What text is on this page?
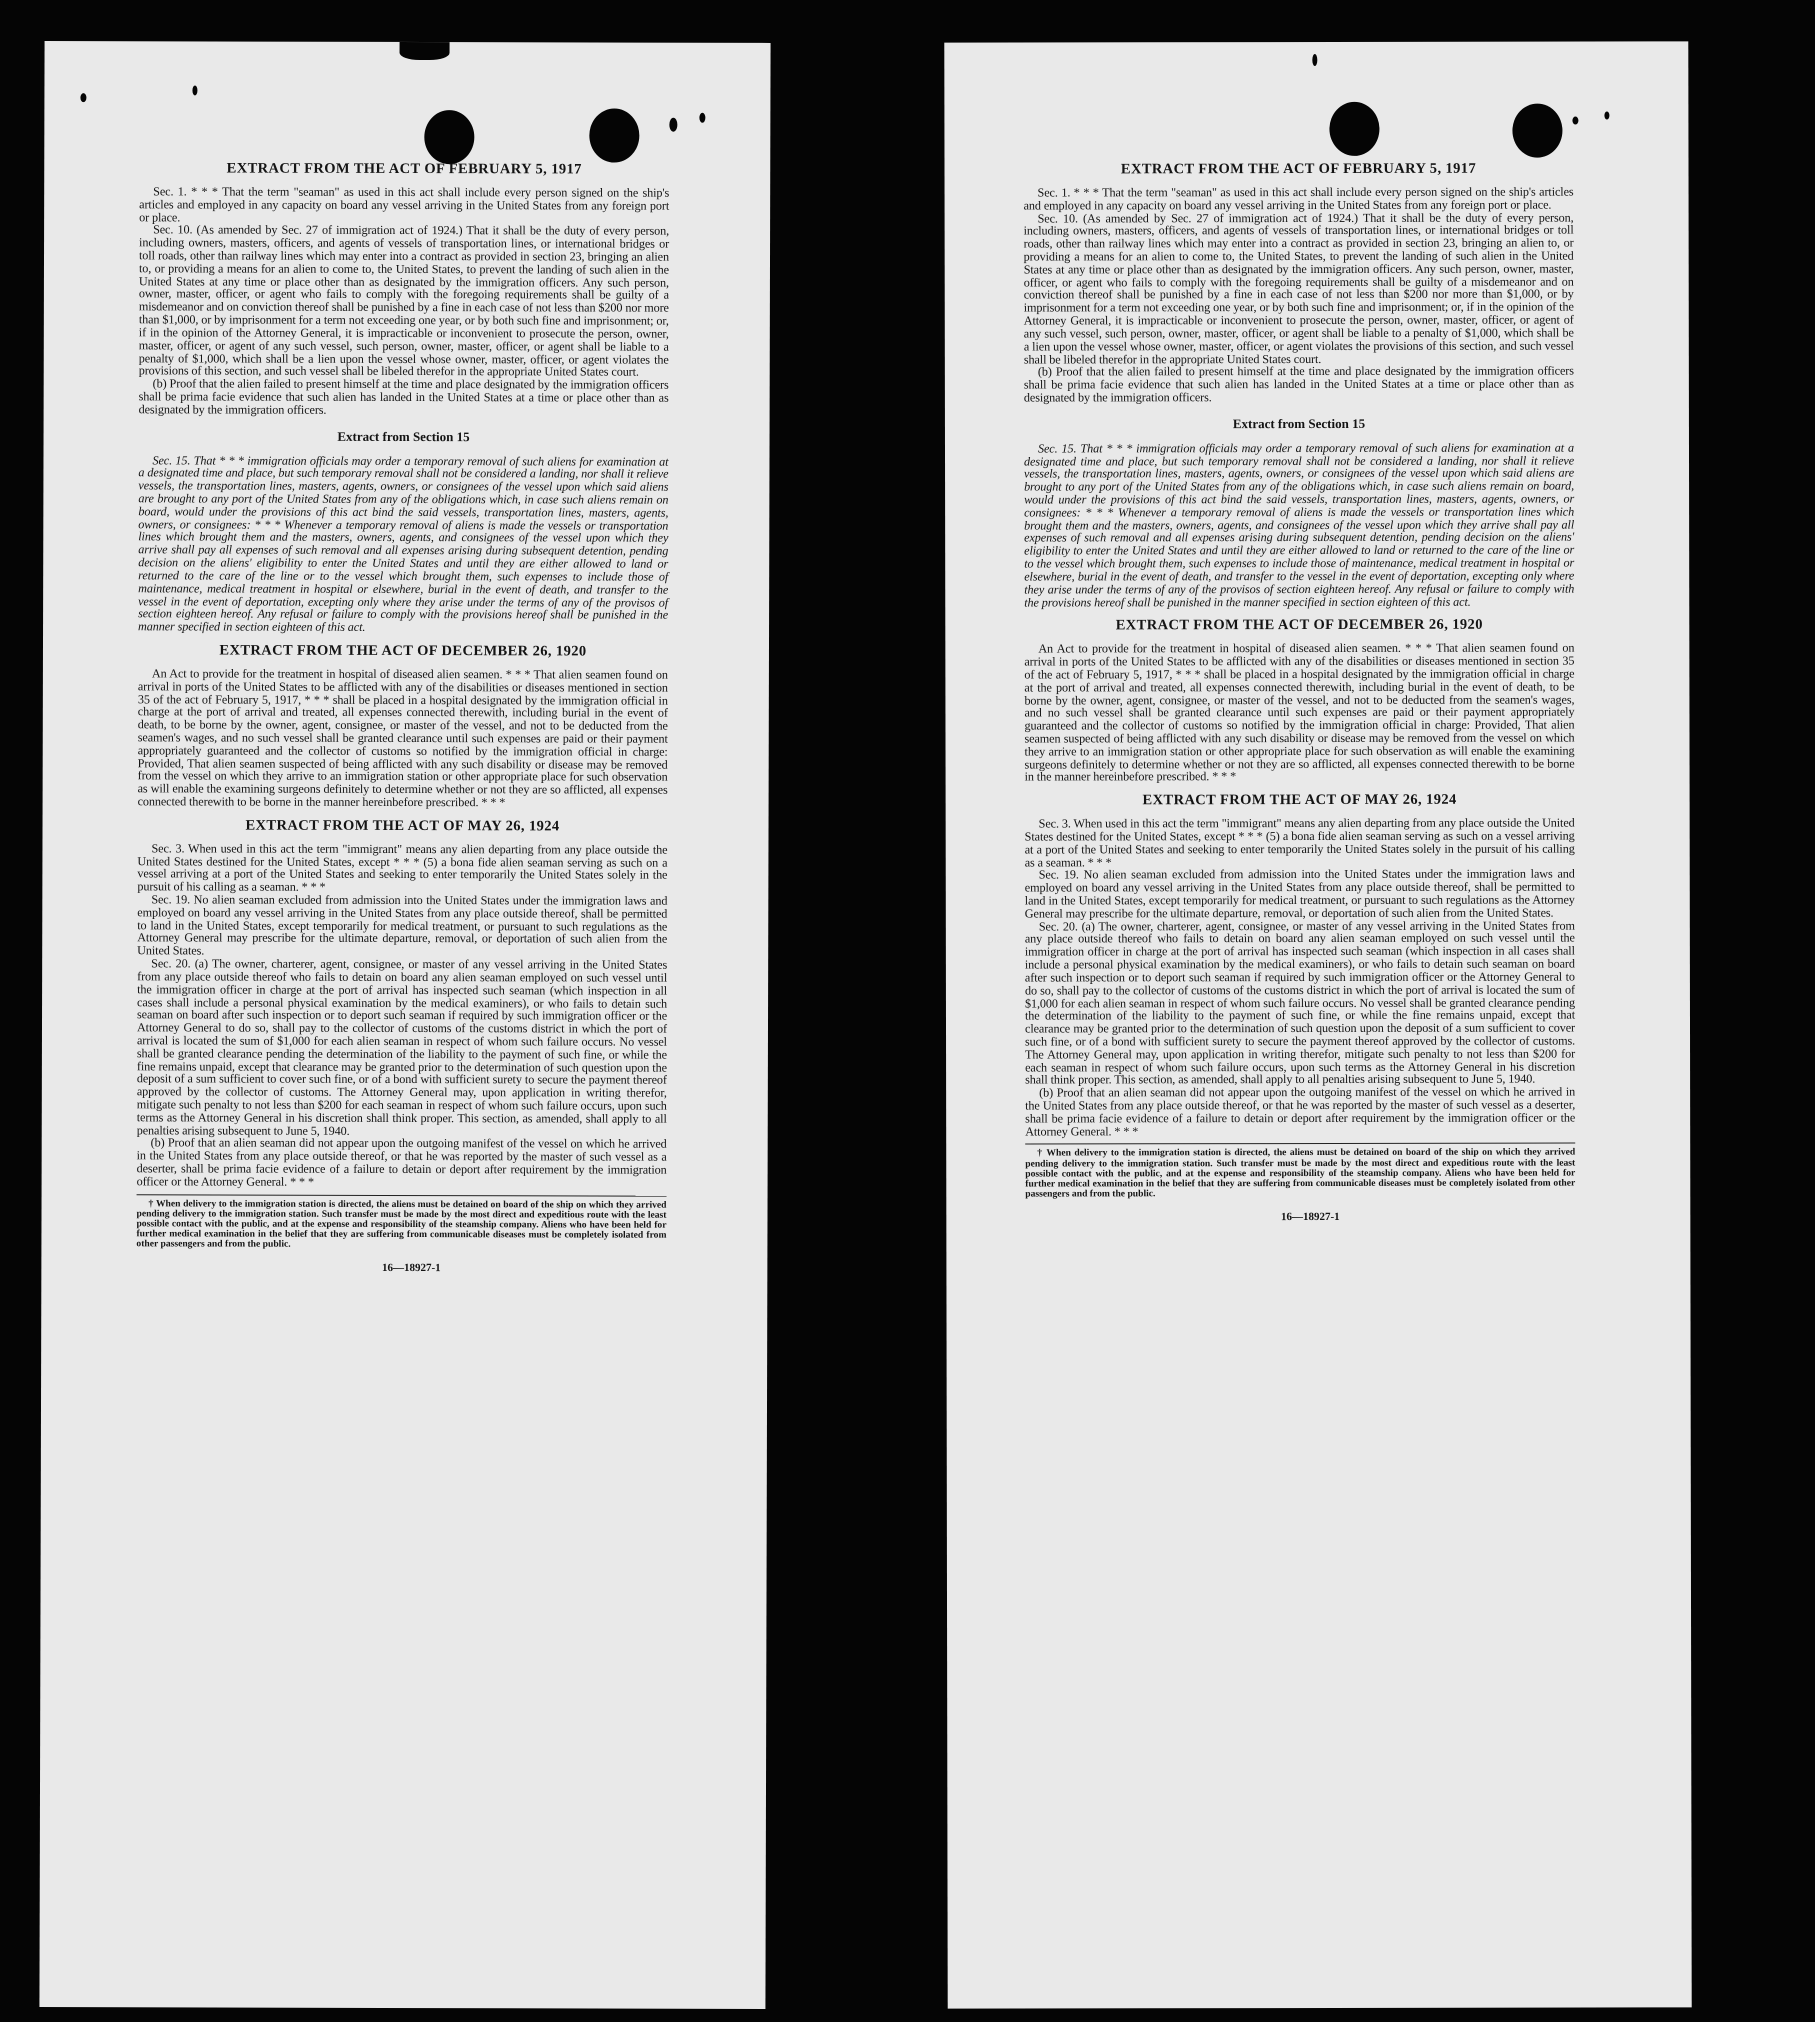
EXTRACT FROM THE ACT OF FEBRUARY 5, 1917

Sec. 1. * * * That the term "seaman" as used in this act shall include every person signed on the ship's articles and employed in any capacity on board any vessel arriving in the United States from any foreign port or place.

Sec. 10. (As amended by Sec. 27 of immigration act of 1924.) That it shall be the duty of every person, including owners, masters, officers, and agents of vessels of transportation lines, or international bridges or toll roads, other than railway lines which may enter into a contract as provided in section 23, bringing an alien to, or providing a means for an alien to come to, the United States, to prevent the landing of such alien in the United States at any time or place other than as designated by the immigration officers. Any such person, owner, master, officer, or agent who fails to comply with the foregoing requirements shall be guilty of a misdemeanor and on conviction thereof shall be punished by a fine in each case of not less than $200 nor more than $1,000, or by imprisonment for a term not exceeding one year, or by both such fine and imprisonment; or, if in the opinion of the Attorney General, it is impracticable or inconvenient to prosecute the person, owner, master, officer, or agent of any such vessel, such person, owner, master, officer, or agent shall be liable to a penalty of $1,000, which shall be a lien upon the vessel whose owner, master, officer, or agent violates the provisions of this section, and such vessel shall be libeled therefor in the appropriate United States court.

(b) Proof that the alien failed to present himself at the time and place designated by the immigration officers shall be prima facie evidence that such alien has landed in the United States at a time or place other than as designated by the immigration officers.

Extract from Section 15

Sec. 15. That * * * immigration officials may order a temporary removal of such aliens for examination at a designated time and place, but such temporary removal shall not be considered a landing, nor shall it relieve vessels, the transportation lines, masters, agents, owners, or consignees of the vessel upon which said aliens are brought to any port of the United States from any of the obligations which, in case such aliens remain on board, would under the provisions of this act bind the said vessels, transportation lines, masters, agents, owners, or consignees: * * * Whenever a temporary removal of aliens is made the vessels or transportation lines which brought them and the masters, owners, agents, and consignees of the vessel upon which they arrive shall pay all expenses of such removal and all expenses arising during subsequent detention, pending decision on the aliens' eligibility to enter the United States and until they are either allowed to land or returned to the care of the line or to the vessel which brought them, such expenses to include those of maintenance, medical treatment in hospital or elsewhere, burial in the event of death, and transfer to the vessel in the event of deportation, excepting only where they arise under the terms of any of the provisos of section eighteen hereof. Any refusal or failure to comply with the provisions hereof shall be punished in the manner specified in section eighteen of this act.

EXTRACT FROM THE ACT OF DECEMBER 26, 1920

An Act to provide for the treatment in hospital of diseased alien seamen. * * * That alien seamen found on arrival in ports of the United States to be afflicted with any of the disabilities or diseases mentioned in section 35 of the act of February 5, 1917, * * * shall be placed in a hospital designated by the immigration official in charge at the port of arrival and treated, all expenses connected therewith, including burial in the event of death, to be borne by the owner, agent, consignee, or master of the vessel, and not to be deducted from the seamen's wages, and no such vessel shall be granted clearance until such expenses are paid or their payment appropriately guaranteed and the collector of customs so notified by the immigration official in charge: Provided, That alien seamen suspected of being afflicted with any such disability or disease may be removed from the vessel on which they arrive to an immigration station or other appropriate place for such observation as will enable the examining surgeons definitely to determine whether or not they are so afflicted, all expenses connected therewith to be borne in the manner hereinbefore prescribed. * * *

EXTRACT FROM THE ACT OF MAY 26, 1924

Sec. 3. When used in this act the term "immigrant" means any alien departing from any place outside the United States destined for the United States, except * * * (5) a bona fide alien seaman serving as such on a vessel arriving at a port of the United States and seeking to enter temporarily the United States solely in the pursuit of his calling as a seaman. * * *

Sec. 19. No alien seaman excluded from admission into the United States under the immigration laws and employed on board any vessel arriving in the United States from any place outside thereof, shall be permitted to land in the United States, except temporarily for medical treatment, or pursuant to such regulations as the Attorney General may prescribe for the ultimate departure, removal, or deportation of such alien from the United States.

Sec. 20. (a) The owner, charterer, agent, consignee, or master of any vessel arriving in the United States from any place outside thereof who fails to detain on board any alien seaman employed on such vessel until the immigration officer in charge at the port of arrival has inspected such seaman (which inspection in all cases shall include a personal physical examination by the medical examiners), or who fails to detain such seaman on board after such inspection or to deport such seaman if required by such immigration officer or the Attorney General to do so, shall pay to the collector of customs of the customs district in which the port of arrival is located the sum of $1,000 for each alien seaman in respect of whom such failure occurs. No vessel shall be granted clearance pending the determination of the liability to the payment of such fine, or while the fine remains unpaid, except that clearance may be granted prior to the determination of such question upon the deposit of a sum sufficient to cover such fine, or of a bond with sufficient surety to secure the payment thereof approved by the collector of customs. The Attorney General may, upon application in writing therefor, mitigate such penalty to not less than $200 for each seaman in respect of whom such failure occurs, upon such terms as the Attorney General in his discretion shall think proper. This section, as amended, shall apply to all penalties arising subsequent to June 5, 1940.

(b) Proof that an alien seaman did not appear upon the outgoing manifest of the vessel on which he arrived in the United States from any place outside thereof, or that he was reported by the master of such vessel as a deserter, shall be prima facie evidence of a failure to detain or deport after requirement by the immigration officer or the Attorney General. * * *

† When delivery to the immigration station is directed, the aliens must be detained on board of the ship on which they arrived pending delivery to the immigration station. Such transfer must be made by the most direct and expeditious route with the least possible contact with the public, and at the expense and responsibility of the steamship company. Aliens who have been held for further medical examination in the belief that they are suffering from communicable diseases must be completely isolated from other passengers and from the public.
16—18927-1
EXTRACT FROM THE ACT OF FEBRUARY 5, 1917

Sec. 1. * * * That the term "seaman" as used in this act shall include every person signed on the ship's articles and employed in any capacity on board any vessel arriving in the United States from any foreign port or place.

Sec. 10. (As amended by Sec. 27 of immigration act of 1924.) That it shall be the duty of every person, including owners, masters, officers, and agents of vessels of transportation lines, or international bridges or toll roads, other than railway lines which may enter into a contract as provided in section 23, bringing an alien to, or providing a means for an alien to come to, the United States, to prevent the landing of such alien in the United States at any time or place other than as designated by the immigration officers. Any such person, owner, master, officer, or agent who fails to comply with the foregoing requirements shall be guilty of a misdemeanor and on conviction thereof shall be punished by a fine in each case of not less than $200 nor more than $1,000, or by imprisonment for a term not exceeding one year, or by both such fine and imprisonment; or, if in the opinion of the Attorney General, it is impracticable or inconvenient to prosecute the person, owner, master, officer, or agent of any such vessel, such person, owner, master, officer, or agent shall be liable to a penalty of $1,000, which shall be a lien upon the vessel whose owner, master, officer, or agent violates the provisions of this section, and such vessel shall be libeled therefor in the appropriate United States court.

(b) Proof that the alien failed to present himself at the time and place designated by the immigration officers shall be prima facie evidence that such alien has landed in the United States at a time or place other than as designated by the immigration officers.

Extract from Section 15

Sec. 15. That * * * immigration officials may order a temporary removal of such aliens for examination at a designated time and place, but such temporary removal shall not be considered a landing, nor shall it relieve vessels, the transportation lines, masters, agents, owners, or consignees of the vessel upon which said aliens are brought to any port of the United States from any of the obligations which, in case such aliens remain on board, would under the provisions of this act bind the said vessels, transportation lines, masters, agents, owners, or consignees: * * * Whenever a temporary removal of aliens is made the vessels or transportation lines which brought them and the masters, owners, agents, and consignees of the vessel upon which they arrive shall pay all expenses of such removal and all expenses arising during subsequent detention, pending decision on the aliens' eligibility to enter the United States and until they are either allowed to land or returned to the care of the line or to the vessel which brought them, such expenses to include those of maintenance, medical treatment in hospital or elsewhere, burial in the event of death, and transfer to the vessel in the event of deportation, excepting only where they arise under the terms of any of the provisos of section eighteen hereof. Any refusal or failure to comply with the provisions hereof shall be punished in the manner specified in section eighteen of this act.

EXTRACT FROM THE ACT OF DECEMBER 26, 1920

An Act to provide for the treatment in hospital of diseased alien seamen. * * * That alien seamen found on arrival in ports of the United States to be afflicted with any of the disabilities or diseases mentioned in section 35 of the act of February 5, 1917, * * * shall be placed in a hospital designated by the immigration official in charge at the port of arrival and treated, all expenses connected therewith, including burial in the event of death, to be borne by the owner, agent, consignee, or master of the vessel, and not to be deducted from the seamen's wages, and no such vessel shall be granted clearance until such expenses are paid or their payment appropriately guaranteed and the collector of customs so notified by the immigration official in charge: Provided, That alien seamen suspected of being afflicted with any such disability or disease may be removed from the vessel on which they arrive to an immigration station or other appropriate place for such observation as will enable the examining surgeons definitely to determine whether or not they are so afflicted, all expenses connected therewith to be borne in the manner hereinbefore prescribed. * * *

EXTRACT FROM THE ACT OF MAY 26, 1924

Sec. 3. When used in this act the term "immigrant" means any alien departing from any place outside the United States destined for the United States, except * * * (5) a bona fide alien seaman serving as such on a vessel arriving at a port of the United States and seeking to enter temporarily the United States solely in the pursuit of his calling as a seaman. * * *

Sec. 19. No alien seaman excluded from admission into the United States under the immigration laws and employed on board any vessel arriving in the United States from any place outside thereof, shall be permitted to land in the United States, except temporarily for medical treatment, or pursuant to such regulations as the Attorney General may prescribe for the ultimate departure, removal, or deportation of such alien from the United States.

Sec. 20. (a) The owner, charterer, agent, consignee, or master of any vessel arriving in the United States from any place outside thereof who fails to detain on board any alien seaman employed on such vessel until the immigration officer in charge at the port of arrival has inspected such seaman (which inspection in all cases shall include a personal physical examination by the medical examiners), or who fails to detain such seaman on board after such inspection or to deport such seaman if required by such immigration officer or the Attorney General to do so, shall pay to the collector of customs of the customs district in which the port of arrival is located the sum of $1,000 for each alien seaman in respect of whom such failure occurs. No vessel shall be granted clearance pending the determination of the liability to the payment of such fine, or while the fine remains unpaid, except that clearance may be granted prior to the determination of such question upon the deposit of a sum sufficient to cover such fine, or of a bond with sufficient surety to secure the payment thereof approved by the collector of customs. The Attorney General may, upon application in writing therefor, mitigate such penalty to not less than $200 for each seaman in respect of whom such failure occurs, upon such terms as the Attorney General in his discretion shall think proper. This section, as amended, shall apply to all penalties arising subsequent to June 5, 1940.

(b) Proof that an alien seaman did not appear upon the outgoing manifest of the vessel on which he arrived in the United States from any place outside thereof, or that he was reported by the master of such vessel as a deserter, shall be prima facie evidence of a failure to detain or deport after requirement by the immigration officer or the Attorney General. * * *

† When delivery to the immigration station is directed, the aliens must be detained on board of the ship on which they arrived pending delivery to the immigration station. Such transfer must be made by the most direct and expeditious route with the least possible contact with the public, and at the expense and responsibility of the steamship company. Aliens who have been held for further medical examination in the belief that they are suffering from communicable diseases must be completely isolated from other passengers and from the public.
16—18927-1
